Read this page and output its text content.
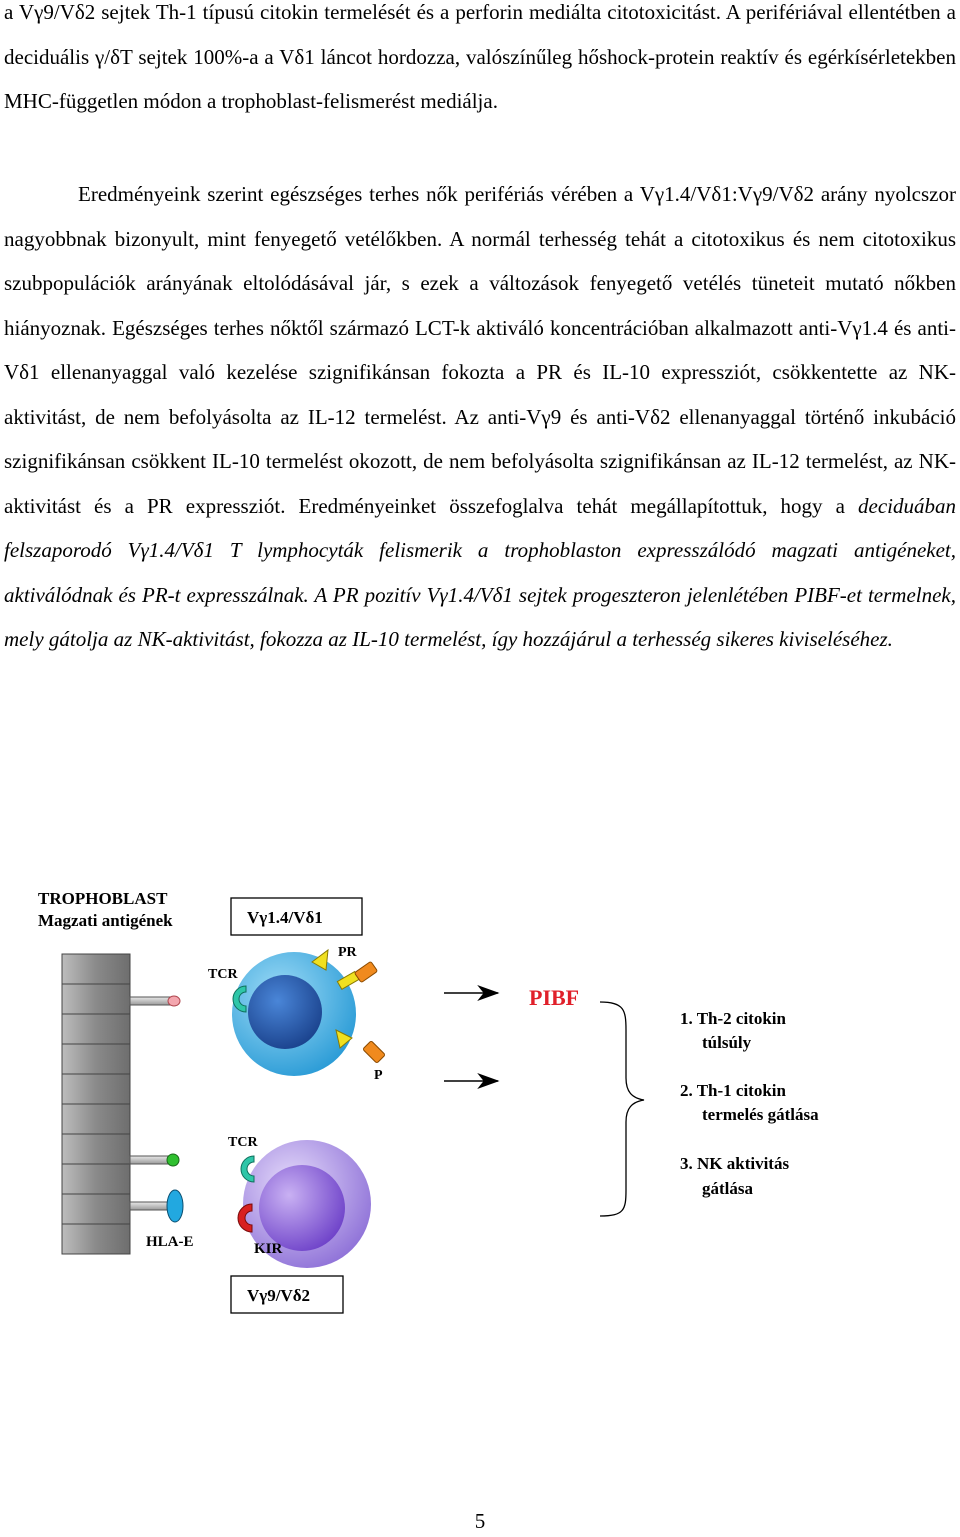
a Vγ9/Vδ2 sejtek Th-1 típusú citokin termelését és a perforin mediálta citotoxicitást. A perifériával ellentétben a deciduális γ/δT sejtek 100%-a a Vδ1 láncot hordozza, valószínűleg hőshock-protein reaktív és egérkísérletekben MHC-független módon a trophoblast-felismerést mediálja.
Eredményeink szerint egészséges terhes nők perifériás vérében a Vγ1.4/Vδ1:Vγ9/Vδ2 arány nyolcszor nagyobbnak bizonyult, mint fenyegető vetélőkben. A normál terhesség tehát a citotoxikus és nem citotoxikus szubpopulációk arányának eltolódásával jár, s ezek a változások fenyegető vetélés tüneteit mutató nőkben hiányoznak. Egészséges terhes nőktől származó LCT-k aktiváló koncentrációban alkalmazott anti-Vγ1.4 és anti-Vδ1 ellenanyaggal való kezelése szignifikánsan fokozta a PR és IL-10 expressziót, csökkentette az NK-aktivitást, de nem befolyásolta az IL-12 termelést. Az anti-Vγ9 és anti-Vδ2 ellenanyaggal történő inkubáció szignifikánsan csökkent IL-10 termelést okozott, de nem befolyásolta szignifikánsan az IL-12 termelést, az NK-aktivitást és a PR expressziót. Eredményeinket összefoglalva tehát megállapítottuk, hogy a deciduában felszaporodó Vγ1.4/Vδ1 T lymphocyták felismerik a trophoblaston expresszálódó magzati antigéneket, aktiválódnak és PR-t expresszálnak. A PR pozitív Vγ1.4/Vδ1 sejtek progeszteron jelenlétében PIBF-et termelnek, mely gátolja az NK-aktivitást, fokozza az IL-10 termelést, így hozzájárul a terhesség sikeres kiviseléséhez.
TROPHOBLAST
Magzati antigének
HLA-E
Vγ1.4/Vδ1
TCR
PR
P
TCR
KIR
Vγ9/Vδ2
PIBF
1. Th-2 citokin
túlsúly
2. Th-1 citokin
termelés gátlása
3. NK aktivitás
gátlása
5
